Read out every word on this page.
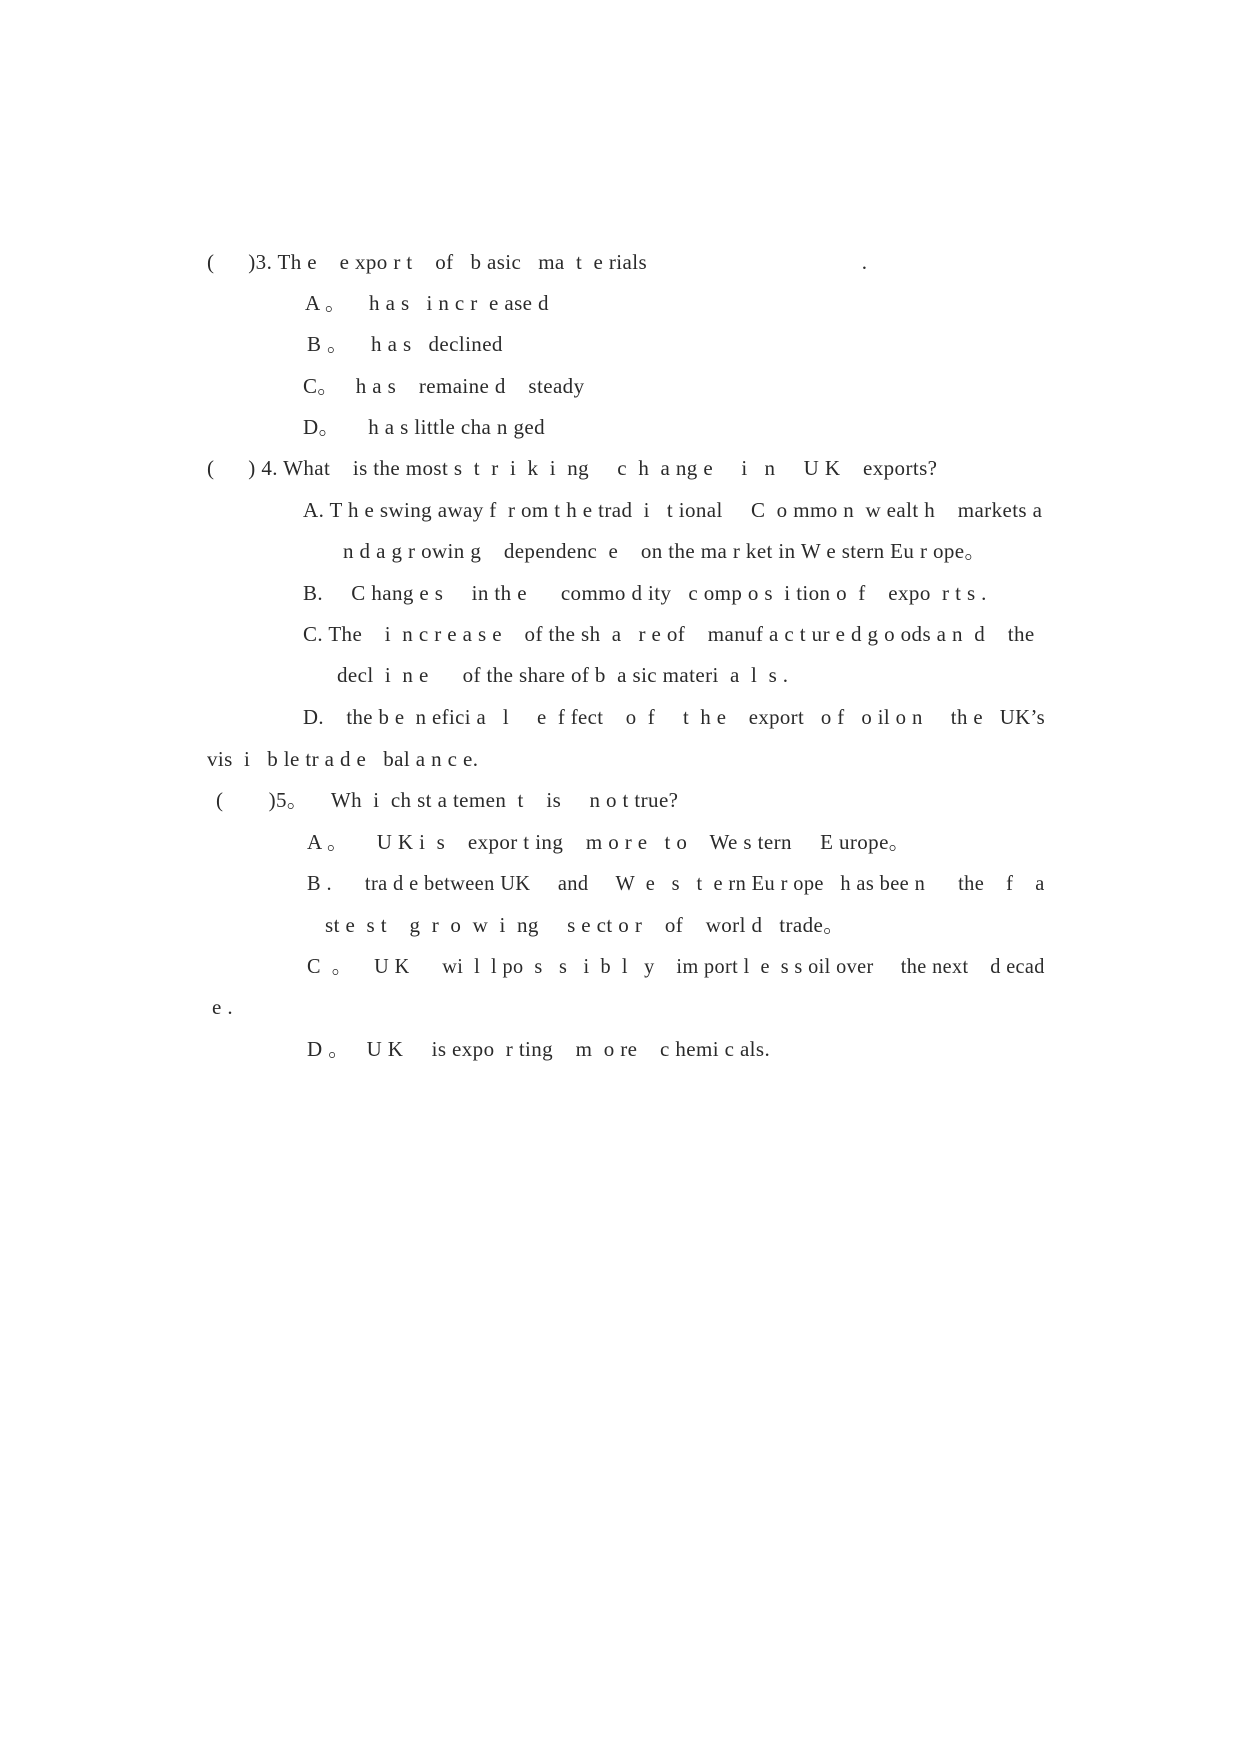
(      )3. Th e    e xpo r t    of   b asic   ma  t  e rials                                      .
A 。    h a s   i n c r  e ase d
B 。    h a s   declined
C。   h a s    remaine d    steady
D。     h a s little cha n ged
(      ) 4. What    is the most s  t  r  i  k  i  ng     c  h  a ng e     i   n     U K    exports?
A. T h e swing away f  r om t h e trad  i   t ional     C  o mmo n  w ealt h    markets a
n d a g r owin g    dependenc  e    on the ma r ket in W e stern Eu r ope。
B.     C hang e s     in th e      commo d ity   c omp o s  i tion o  f    expo  r t s .
C. The    i  n c r e a s e    of the sh  a   r e of    manuf a c t ur e d g o ods a n  d    the
decl  i  n e      of the share of b  a sic materi  a  l  s .
D.    the b e  n efici a   l     e  f fect    o  f     t  h e    export   o f   o il o n     th e   UK’s
vis  i   b le tr a d e   bal a n c e.
(        )5。    Wh  i  ch st a temen  t    is     n o t true?
A 。     U K i  s    expor t ing    m o r e   t o    We s tern     E urope。
B .      tra d e between UK     and     W  e   s   t  e rn Eu r ope   h as bee n      the    f    a
st e  s t    g  r  o  w  i  ng     s e ct o r    of    worl d   trade。
C  。    U K      wi  l  l po  s   s   i  b  l   y    im port l  e  s s oil over     the next    d ecad
e .
D 。   U K     is expo  r ting    m  o re    c hemi c als.
